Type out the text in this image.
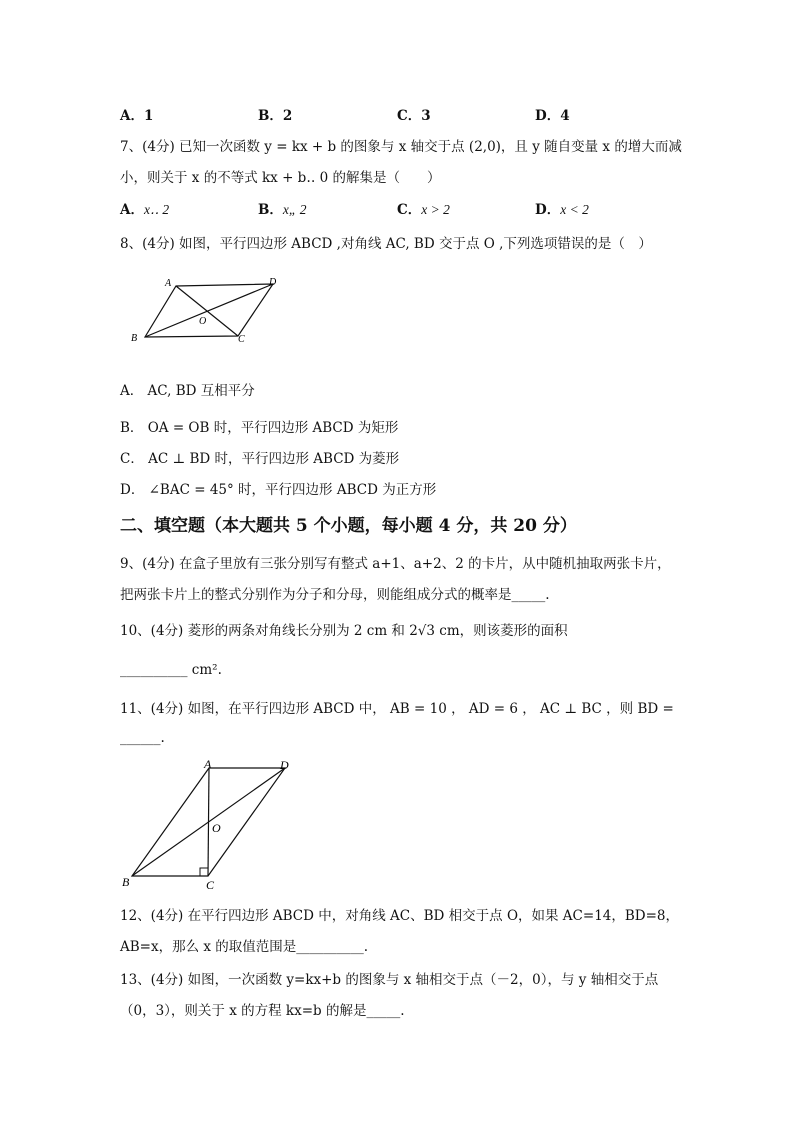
A．1	B．2	C．3	D．4
7、(4分) 已知一次函数 y = kx + b 的图象与 x 轴交于点 (2,0)，且 y 随自变量 x 的增大而减
小，则关于 x 的不等式 kx + b‥ 0 的解集是（　　）
A．x‥ 2	B．x„ 2	C．x > 2	D．x < 2
8、(4分) 如图，平行四边形 ABCD ,对角线 AC, BD 交于点 O ,下列选项错误的是（　）
A	D
B	C
O
A． AC, BD 互相平分
B． OA = OB 时，平行四边形 ABCD 为矩形
C． AC ⊥ BD 时，平行四边形 ABCD 为菱形
D． ∠BAC = 45° 时，平行四边形 ABCD 为正方形
二、填空题（本大题共 5 个小题，每小题 4 分，共 20 分）
9、(4分) 在盒子里放有三张分别写有整式 a+1、a+2、2 的卡片，从中随机抽取两张卡片，
把两张卡片上的整式分别作为分子和分母，则能组成分式的概率是_____.
10、(4分) 菱形的两条对角线长分别为 2 cm 和 2√3 cm，则该菱形的面积
__________ cm².
11、(4分) 如图，在平行四边形 ABCD 中， AB = 10 ， AD = 6 ， AC ⊥ BC ，则 BD =
______.
A	D
B	C
O
12、(4分) 在平行四边形 ABCD 中，对角线 AC、BD 相交于点 O，如果 AC=14，BD=8，
AB=x，那么 x 的取值范围是__________.
13、(4分) 如图，一次函数 y=kx+b 的图象与 x 轴相交于点（－2，0），与 y 轴相交于点
（0，3），则关于 x 的方程 kx=b 的解是_____.
